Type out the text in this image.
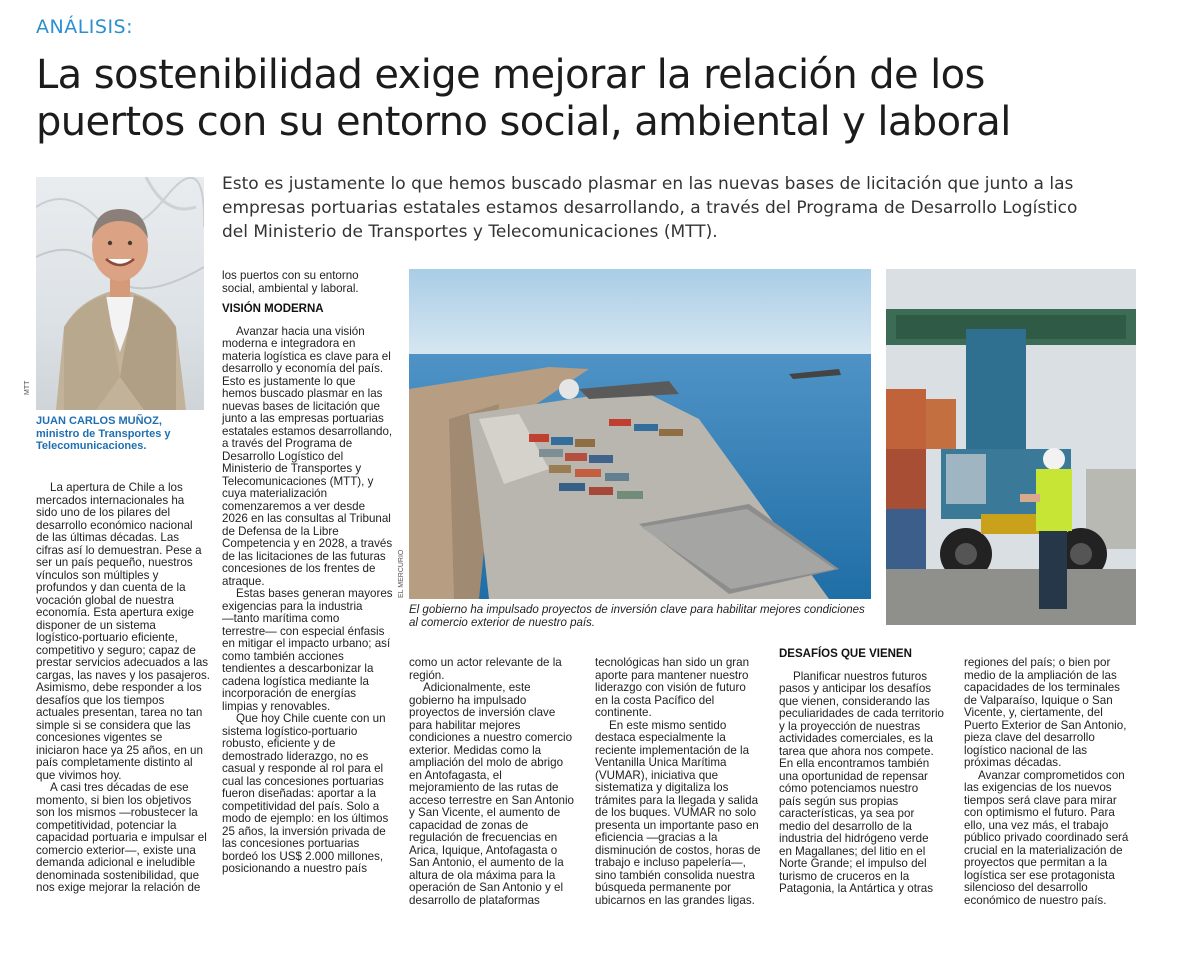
ANÁLISIS:
La sostenibilidad exige mejorar la relación de los
puertos con su entorno social, ambiental y laboral
MTT
JUAN CARLOS MUÑOZ,
ministro de Transportes y
Telecomunicaciones.
Esto es justamente lo que hemos buscado plasmar en las nuevas bases de licitación que junto a las
empresas portuarias estatales estamos desarrollando, a través del Programa de Desarrollo Logístico
del Ministerio de Transportes y Telecomunicaciones (MTT).
La apertura de Chile a los
mercados internacionales ha
sido uno de los pilares del
desarrollo económico nacional
de las últimas décadas. Las
cifras así lo demuestran. Pese a
ser un país pequeño, nuestros
vínculos son múltiples y
profundos y dan cuenta de la
vocación global de nuestra
economía. Esta apertura exige
disponer de un sistema
logístico-portuario eficiente,
competitivo y seguro; capaz de
prestar servicios adecuados a las
cargas, las naves y los pasajeros.
Asimismo, debe responder a los
desafíos que los tiempos
actuales presentan, tarea no tan
simple si se considera que las
concesiones vigentes se
iniciaron hace ya 25 años, en un
país completamente distinto al
que vivimos hoy.
A casi tres décadas de ese
momento, si bien los objetivos
son los mismos —robustecer la
competitividad, potenciar la
capacidad portuaria e impulsar el
comercio exterior—, existe una
demanda adicional e ineludible
denominada sostenibilidad, que
nos exige mejorar la relación de
los puertos con su entorno
social, ambiental y laboral.
VISIÓN MODERNA
Avanzar hacia una visión
moderna e integradora en
materia logística es clave para el
desarrollo y economía del país.
Esto es justamente lo que
hemos buscado plasmar en las
nuevas bases de licitación que
junto a las empresas portuarias
estatales estamos desarrollando,
a través del Programa de
Desarrollo Logístico del
Ministerio de Transportes y
Telecomunicaciones (MTT), y
cuya materialización
comenzaremos a ver desde
2026 en las consultas al Tribunal
de Defensa de la Libre
Competencia y en 2028, a través
de las licitaciones de las futuras
concesiones de los frentes de
atraque.
Estas bases generan mayores
exigencias para la industria
—tanto marítima como
terrestre— con especial énfasis
en mitigar el impacto urbano; así
como también acciones
tendientes a descarbonizar la
cadena logística mediante la
incorporación de energías
limpias y renovables.
Que hoy Chile cuente con un
sistema logístico-portuario
robusto, eficiente y de
demostrado liderazgo, no es
casual y responde al rol para el
cual las concesiones portuarias
fueron diseñadas: aportar a la
competitividad del país. Solo a
modo de ejemplo: en los últimos
25 años, la inversión privada de
las concesiones portuarias
bordeó los US$ 2.000 millones,
posicionando a nuestro país
EL MERCURIO
El gobierno ha impulsado proyectos de inversión clave para habilitar mejores condiciones
al comercio exterior de nuestro país.
como un actor relevante de la
región.
Adicionalmente, este
gobierno ha impulsado
proyectos de inversión clave
para habilitar mejores
condiciones a nuestro comercio
exterior. Medidas como la
ampliación del molo de abrigo
en Antofagasta, el
mejoramiento de las rutas de
acceso terrestre en San Antonio
y San Vicente, el aumento de
capacidad de zonas de
regulación de frecuencias en
Arica, Iquique, Antofagasta o
San Antonio, el aumento de la
altura de ola máxima para la
operación de San Antonio y el
desarrollo de plataformas
tecnológicas han sido un gran
aporte para mantener nuestro
liderazgo con visión de futuro
en la costa Pacífico del
continente.
En este mismo sentido
destaca especialmente la
reciente implementación de la
Ventanilla Única Marítima
(VUMAR), iniciativa que
sistematiza y digitaliza los
trámites para la llegada y salida
de los buques. VUMAR no solo
presenta un importante paso en
eficiencia —gracias a la
disminución de costos, horas de
trabajo e incluso papelería—,
sino también consolida nuestra
búsqueda permanente por
ubicarnos en las grandes ligas.
DESAFÍOS QUE VIENEN
Planificar nuestros futuros
pasos y anticipar los desafíos
que vienen, considerando las
peculiaridades de cada territorio
y la proyección de nuestras
actividades comerciales, es la
tarea que ahora nos compete.
En ella encontramos también
una oportunidad de repensar
cómo potenciamos nuestro
país según sus propias
características, ya sea por
medio del desarrollo de la
industria del hidrógeno verde
en Magallanes; del litio en el
Norte Grande; el impulso del
turismo de cruceros en la
Patagonia, la Antártica y otras
regiones del país; o bien por
medio de la ampliación de las
capacidades de los terminales
de Valparaíso, Iquique o San
Vicente, y, ciertamente, del
Puerto Exterior de San Antonio,
pieza clave del desarrollo
logístico nacional de las
próximas décadas.
Avanzar comprometidos con
las exigencias de los nuevos
tiempos será clave para mirar
con optimismo el futuro. Para
ello, una vez más, el trabajo
público privado coordinado será
crucial en la materialización de
proyectos que permitan a la
logística ser ese protagonista
silencioso del desarrollo
económico de nuestro país.
